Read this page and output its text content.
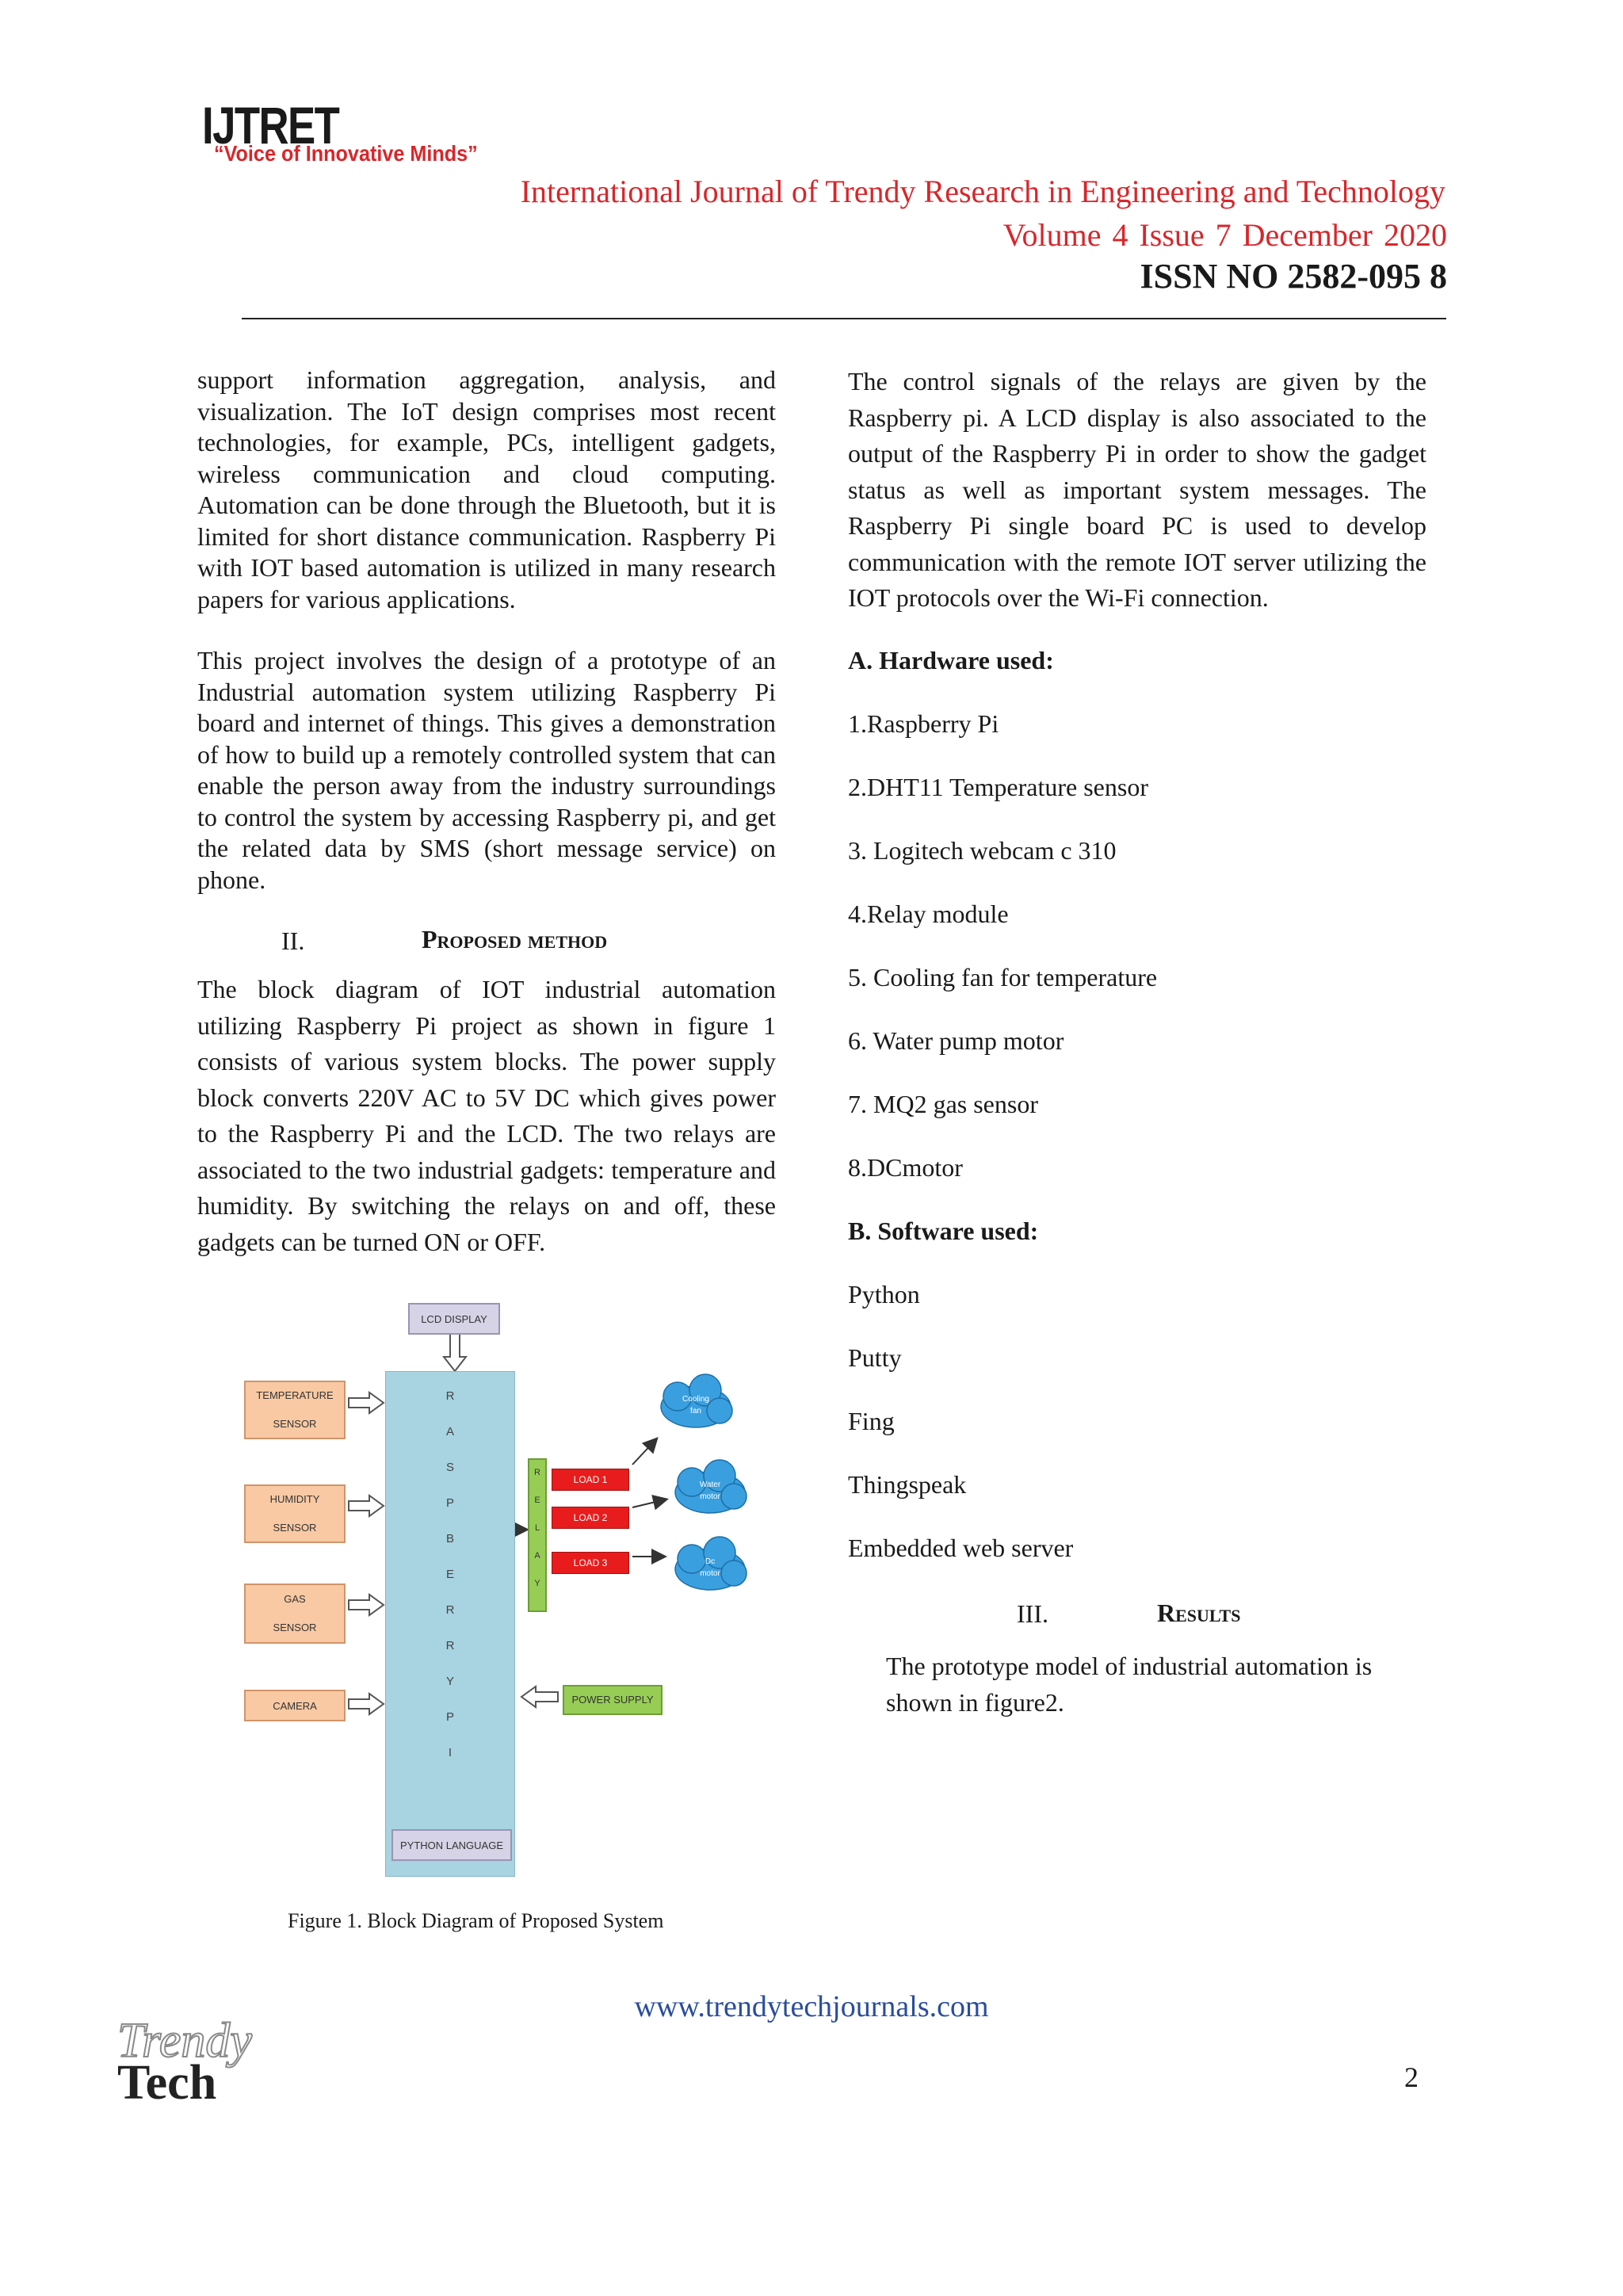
IJTRET
“Voice of Innovative Minds”
International Journal of Trendy Research in Engineering and Technology
Volume 4 Issue 7 December 2020
ISSN NO 2582-095 8

support information aggregation, analysis, and visualization. The IoT design comprises most recent technologies, for example, PCs, intelligent gadgets, wireless communication and cloud computing. Automation can be done through the Bluetooth, but it is limited for short distance communication. Raspberry Pi with IOT based automation is utilized in many research papers for various applications.

This project involves the design of a prototype of an Industrial automation system utilizing Raspberry Pi board and internet of things. This gives a demonstration of how to build up a remotely controlled system that can enable the person away from the industry surroundings to control the system by accessing Raspberry pi, and get the related data by SMS (short message service) on phone.

II.	Proposed method

The block diagram of IOT industrial automation utilizing Raspberry Pi project as shown in figure 1 consists of various system blocks. The power supply block converts 220V AC to 5V DC which gives power to the Raspberry Pi and the LCD. The two relays are associated to the two industrial gadgets: temperature and humidity. By switching the relays on and off, these gadgets can be turned ON or OFF.

LCD DISPLAY
TEMPERATURE
SENSOR
HUMIDITY
SENSOR
GAS
SENSOR
CAMERA
R
A
S
P
B
E
R
R
Y
P
I
R
E
L
A
Y
LOAD 1
LOAD 2
LOAD 3
Cooling
fan
Water
motor
Dc
motor
POWER SUPPLY
PYTHON LANGUAGE
Figure 1. Block Diagram of Proposed System

The control signals of the relays are given by the Raspberry pi. A LCD display is also associated to the output of the Raspberry Pi in order to show the gadget status as well as important system messages. The Raspberry Pi single board PC is used to develop communication with the remote IOT server utilizing the IOT protocols over the Wi-Fi connection.

A. Hardware used:
1.Raspberry Pi
2.DHT11 Temperature sensor
3. Logitech webcam c 310
4.Relay module
5. Cooling fan for temperature
6. Water pump motor
7. MQ2 gas sensor
8.DCmotor
B. Software used:
Python
Putty
Fing
Thingspeak
Embedded web server
III.	Results

The prototype model of industrial automation is shown in figure2.

www.trendytechjournals.com
Trendy
Tech	2
